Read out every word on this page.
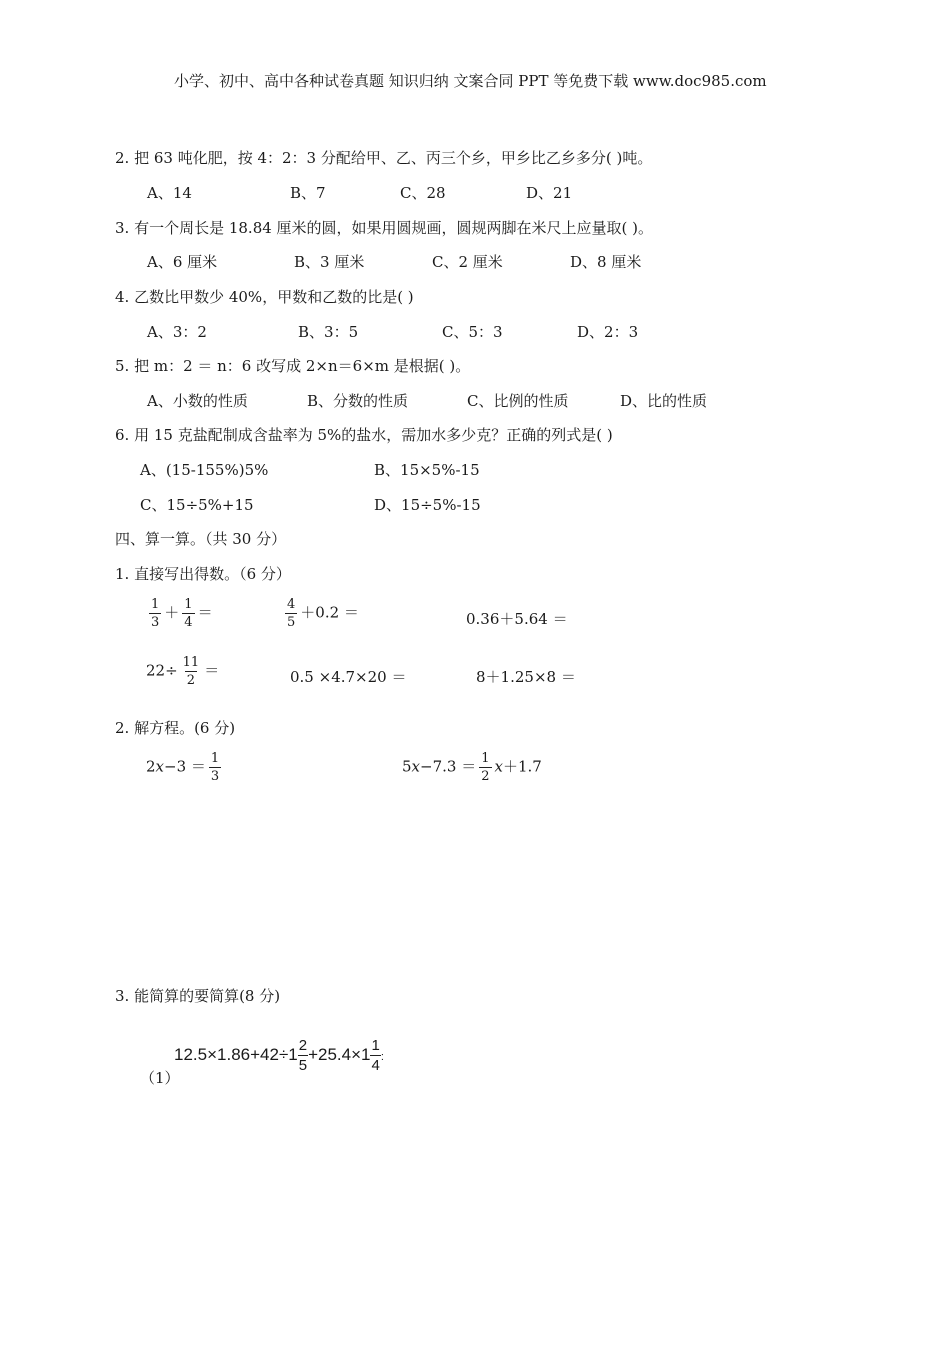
小学、初中、高中各种试卷真题 知识归纳 文案合同 PPT 等免费下载 www.doc985.com
2. 把 63 吨化肥，按 4：2：3 分配给甲、乙、丙三个乡，甲乡比乙乡多分( )吨。
A、14	B、7	C、28	D、21
3. 有一个周长是 18.84 厘米的圆，如果用圆规画，圆规两脚在米尺上应量取( )。
A、6 厘米	B、3 厘米	C、2 厘米	D、8 厘米
4. 乙数比甲数少 40%，甲数和乙数的比是( )
A、3：2	B、3：5	C、5：3	D、2：3
5. 把 m：2 ＝ n：6 改写成 2×n＝6×m 是根据( )。
A、小数的性质	B、分数的性质	C、比例的性质	D、比的性质
6. 用 15 克盐配制成含盐率为 5%的盐水，需加水多少克？正确的列式是( )
A、(15-155%)5%	B、15×5%-15
C、15÷5%+15	D、15÷5%-15
四、算一算。（共 30 分）
1. 直接写出得数。（6 分）
$\frac{1}{3} + \frac{1}{4}$ ＝	$\frac{4}{5} +0.2$ ＝	0.36＋5.64 ＝
$22\div \frac{11}{2}$ ＝	0.5 ×4.7×20 ＝	8＋1.25×8 ＝
2. 解方程。(6 分)
$2x-3 = \frac{1}{3}$	$5x-7.3 = \frac{1}{2} x+1.7$
3. 能简算的要简算(8 分)
（1）
$12.5\times 1.86+42\div 1 \frac{2}{5} +25.4\times 1 \frac{1}{4}$ :
